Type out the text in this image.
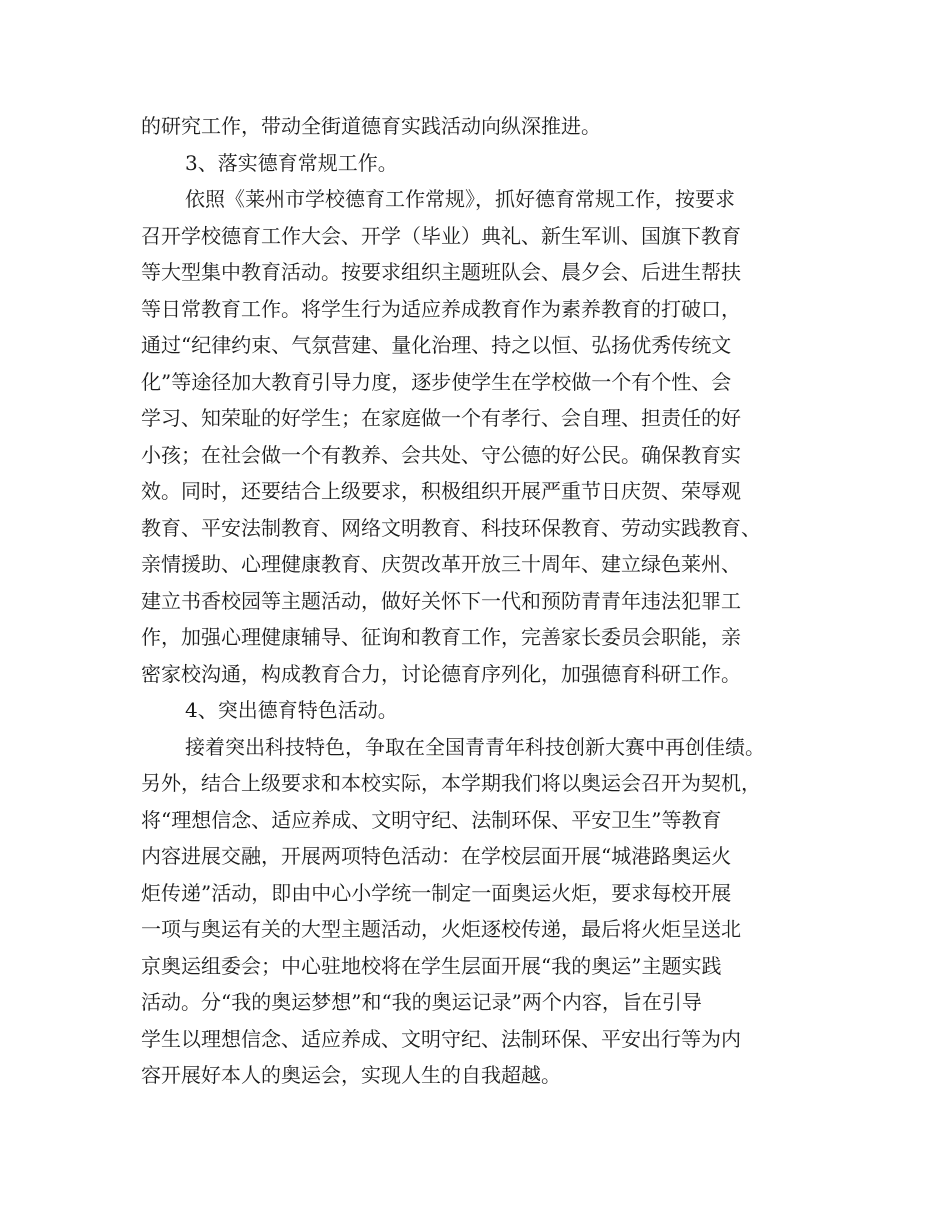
的研究工作，带动全街道德育实践活动向纵深推进。
3、落实德育常规工作。
依照《莱州市学校德育工作常规》，抓好德育常规工作，按要求
召开学校德育工作大会、开学（毕业）典礼、新生军训、国旗下教育
等大型集中教育活动。按要求组织主题班队会、晨夕会、后进生帮扶
等日常教育工作。将学生行为适应养成教育作为素养教育的打破口，
通过“纪律约束、气氛营建、量化治理、持之以恒、弘扬优秀传统文
化”等途径加大教育引导力度，逐步使学生在学校做一个有个性、会
学习、知荣耻的好学生；在家庭做一个有孝行、会自理、担责任的好
小孩；在社会做一个有教养、会共处、守公德的好公民。确保教育实
效。同时，还要结合上级要求，积极组织开展严重节日庆贺、荣辱观
教育、平安法制教育、网络文明教育、科技环保教育、劳动实践教育、
亲情援助、心理健康教育、庆贺改革开放三十周年、建立绿色莱州、
建立书香校园等主题活动，做好关怀下一代和预防青青年违法犯罪工
作，加强心理健康辅导、征询和教育工作，完善家长委员会职能，亲
密家校沟通，构成教育合力，讨论德育序列化，加强德育科研工作。
4、突出德育特色活动。
接着突出科技特色，争取在全国青青年科技创新大赛中再创佳绩。
另外，结合上级要求和本校实际，本学期我们将以奥运会召开为契机，
将“理想信念、适应养成、文明守纪、法制环保、平安卫生”等教育
内容进展交融，开展两项特色活动：在学校层面开展“城港路奥运火
炬传递”活动，即由中心小学统一制定一面奥运火炬，要求每校开展
一项与奥运有关的大型主题活动，火炬逐校传递，最后将火炬呈送北
京奥运组委会；中心驻地校将在学生层面开展“我的奥运”主题实践
活动。分“我的奥运梦想”和“我的奥运记录”两个内容，旨在引导
学生以理想信念、适应养成、文明守纪、法制环保、平安出行等为内
容开展好本人的奥运会，实现人生的自我超越。
